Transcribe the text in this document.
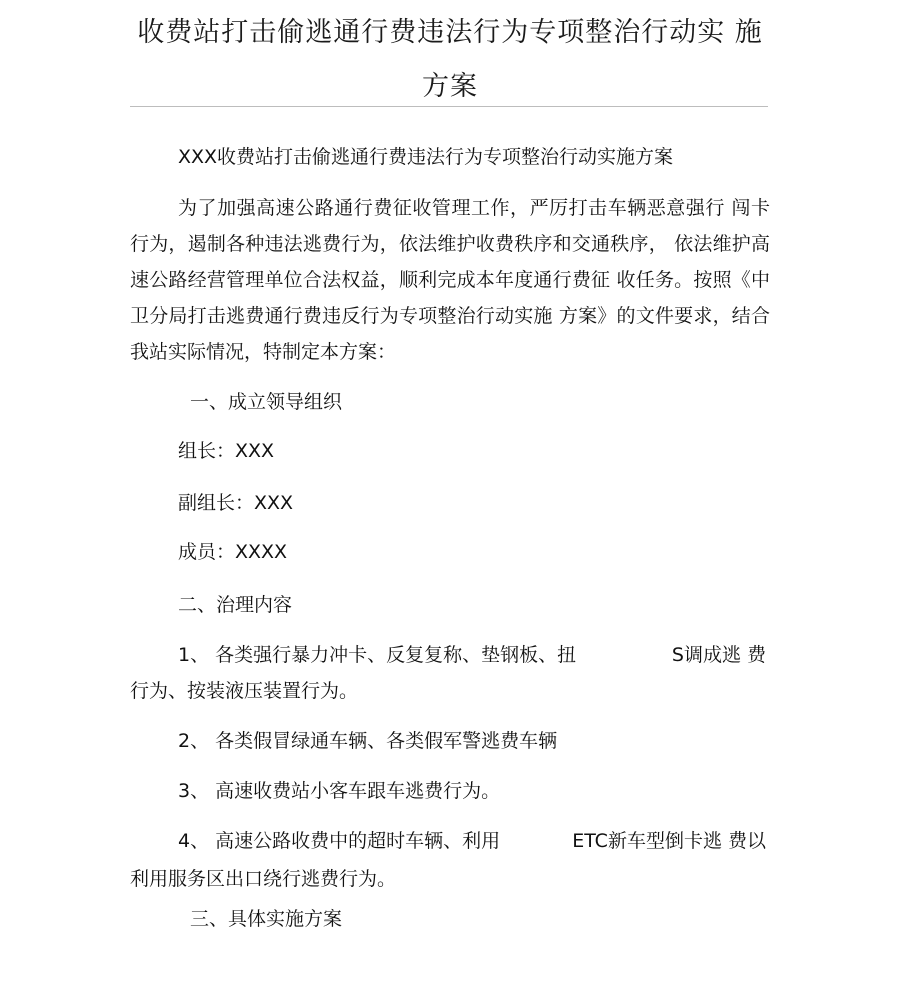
收费站打击偷逃通行费违法行为专项整治行动实 施
方案
XXX收费站打击偷逃通行费违法行为专项整治行动实施方案
为了加强高速公路通行费征收管理工作，严厉打击车辆恶意强行 闯卡行为，遏制各种违法逃费行为，依法维护收费秩序和交通秩序， 依法维护高速公路经营管理单位合法权益，顺利完成本年度通行费征 收任务。按照《中卫分局打击逃费通行费违反行为专项整治行动实施 方案》的文件要求，结合我站实际情况，特制定本方案：
一、成立领导组织
组长：XXX
副组长：XXX
成员：XXXX
二、治理内容
1、 各类强行暴力冲卡、反复复称、垫钢板、扭	S调成逃 费
行为、按装液压装置行为。
2、 各类假冒绿通车辆、各类假军警逃费车辆
3、 高速收费站小客车跟车逃费行为。
4、 高速公路收费中的超时车辆、利用	ETC新车型倒卡逃 费以
利用服务区出口绕行逃费行为。
三、具体实施方案
